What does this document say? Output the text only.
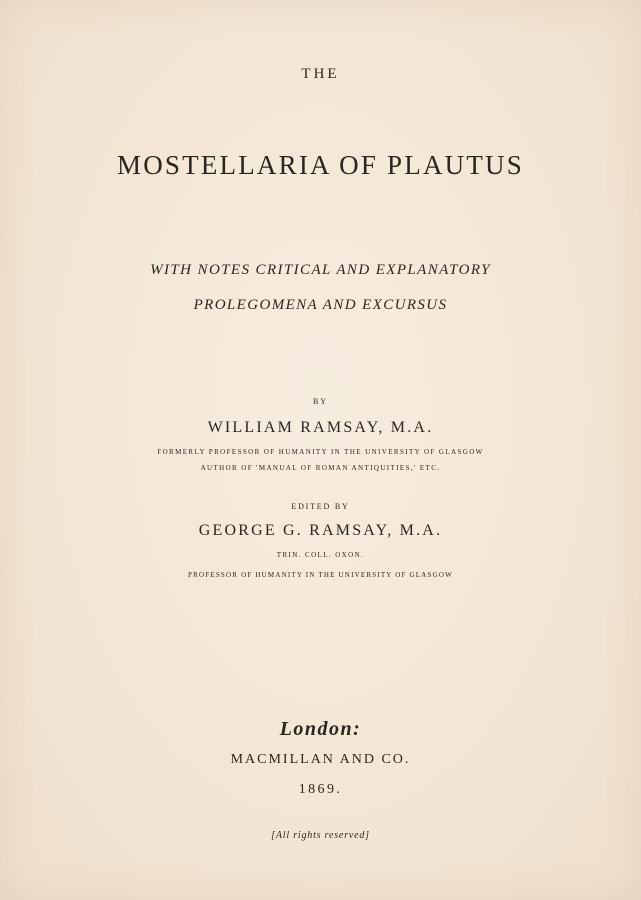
THE

MOSTELLARIA OF PLAUTUS

WITH NOTES CRITICAL AND EXPLANATORY

PROLEGOMENA AND EXCURSUS

BY

WILLIAM RAMSAY, M.A.

FORMERLY PROFESSOR OF HUMANITY IN THE UNIVERSITY OF GLASGOW

AUTHOR OF 'MANUAL OF ROMAN ANTIQUITIES,' ETC.

EDITED BY

GEORGE G. RAMSAY, M.A.

TRIN. COLL. OXON.

PROFESSOR OF HUMANITY IN THE UNIVERSITY OF GLASGOW

London:

MACMILLAN AND CO.

1869.

[All rights reserved]
